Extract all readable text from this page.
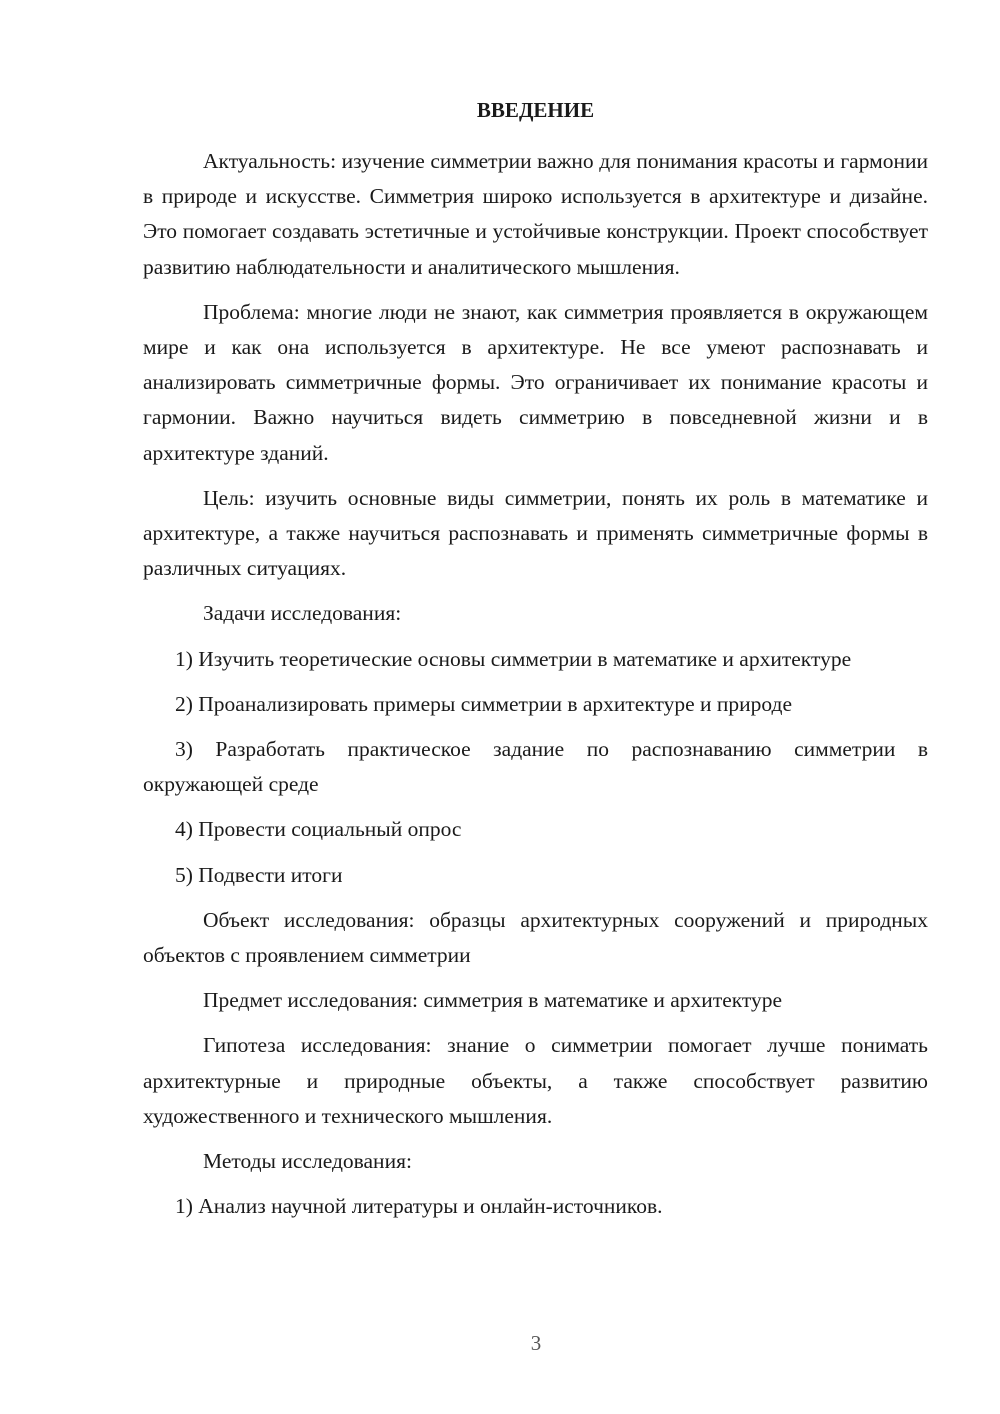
ВВЕДЕНИЕ

Актуальность: изучение симметрии важно для понимания красоты и гармонии в природе и искусстве. Симметрия широко используется в архитектуре и дизайне. Это помогает создавать эстетичные и устойчивые конструкции. Проект способствует развитию наблюдательности и аналитического мышления.

Проблема: многие люди не знают, как симметрия проявляется в окружающем мире и как она используется в архитектуре. Не все умеют распознавать и анализировать симметричные формы. Это ограничивает их понимание красоты и гармонии. Важно научиться видеть симметрию в повседневной жизни и в архитектуре зданий.

Цель: изучить основные виды симметрии, понять их роль в математике и архитектуре, а также научиться распознавать и применять симметричные формы в различных ситуациях.

Задачи исследования:

1) Изучить теоретические основы симметрии в математике и архитектуре

2) Проанализировать примеры симметрии в архитектуре и природе

3) Разработать практическое задание по распознаванию симметрии в окружающей среде

4) Провести социальный опрос

5) Подвести итоги

Объект исследования: образцы архитектурных сооружений и природных объектов с проявлением симметрии

Предмет исследования: симметрия в математике и архитектуре

Гипотеза исследования: знание о симметрии помогает лучше понимать архитектурные и природные объекты, а также способствует развитию художественного и технического мышления.

Методы исследования:

1) Анализ научной литературы и онлайн-источников.

3
